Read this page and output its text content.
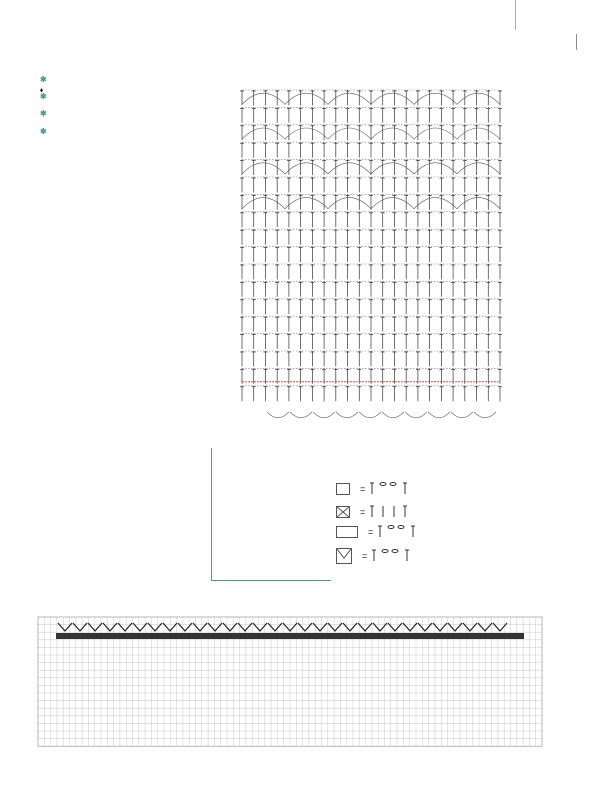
✱
✱
✱

✱

=
=
=
=
